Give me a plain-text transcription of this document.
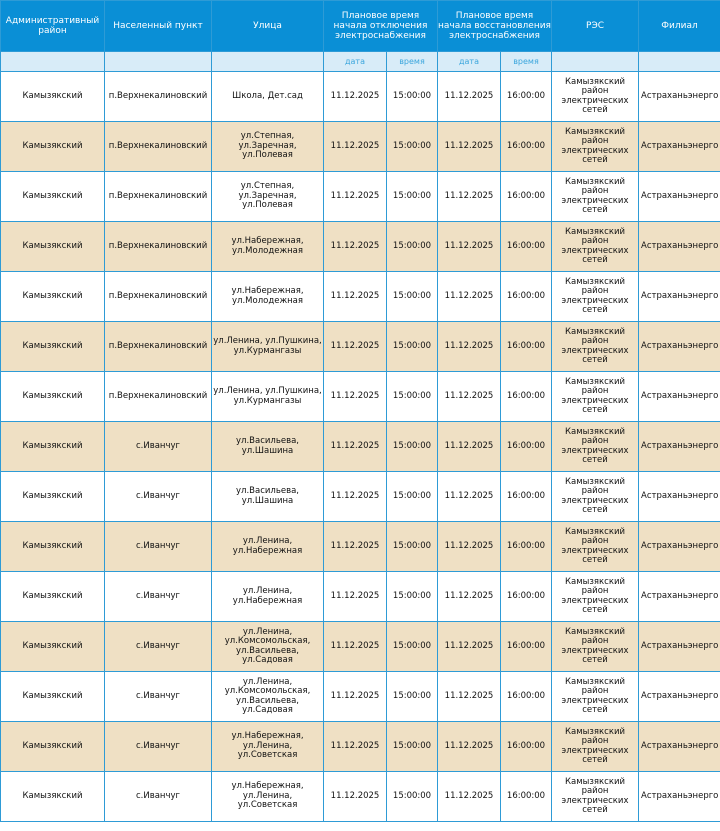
Административный район	Населенный пункт	Улица	Плановое время начала отключения электроснабжения		Плановое время начала восстановления электроснабжения		РЭС	Филиал
			дата	время	дата	время		
Камызякский	п.Верхнекалиновский	Школа, Дет.сад	11.12.2025	15:00:00	11.12.2025	16:00:00	Камызякский район электрических сетей	Астраханьэнерго
Камызякский	п.Верхнекалиновский	ул.Степная, ул.Заречная, ул.Полевая	11.12.2025	15:00:00	11.12.2025	16:00:00	Камызякский район электрических сетей	Астраханьэнерго
Камызякский	п.Верхнекалиновский	ул.Степная, ул.Заречная, ул.Полевая	11.12.2025	15:00:00	11.12.2025	16:00:00	Камызякский район электрических сетей	Астраханьэнерго
Камызякский	п.Верхнекалиновский	ул.Набережная, ул.Молодежная	11.12.2025	15:00:00	11.12.2025	16:00:00	Камызякский район электрических сетей	Астраханьэнерго
Камызякский	п.Верхнекалиновский	ул.Набережная, ул.Молодежная	11.12.2025	15:00:00	11.12.2025	16:00:00	Камызякский район электрических сетей	Астраханьэнерго
Камызякский	п.Верхнекалиновский	ул.Ленина, ул.Пушкина, ул.Курмангазы	11.12.2025	15:00:00	11.12.2025	16:00:00	Камызякский район электрических сетей	Астраханьэнерго
Камызякский	п.Верхнекалиновский	ул.Ленина, ул.Пушкина, ул.Курмангазы	11.12.2025	15:00:00	11.12.2025	16:00:00	Камызякский район электрических сетей	Астраханьэнерго
Камызякский	с.Иванчуг	ул.Васильева, ул.Шашина	11.12.2025	15:00:00	11.12.2025	16:00:00	Камызякский район электрических сетей	Астраханьэнерго
Камызякский	с.Иванчуг	ул.Васильева, ул.Шашина	11.12.2025	15:00:00	11.12.2025	16:00:00	Камызякский район электрических сетей	Астраханьэнерго
Камызякский	с.Иванчуг	ул.Ленина, ул.Набережная	11.12.2025	15:00:00	11.12.2025	16:00:00	Камызякский район электрических сетей	Астраханьэнерго
Камызякский	с.Иванчуг	ул.Ленина, ул.Набережная	11.12.2025	15:00:00	11.12.2025	16:00:00	Камызякский район электрических сетей	Астраханьэнерго
Камызякский	с.Иванчуг	ул.Ленина, ул.Комсомольская, ул.Васильева, ул.Садовая	11.12.2025	15:00:00	11.12.2025	16:00:00	Камызякский район электрических сетей	Астраханьэнерго
Камызякский	с.Иванчуг	ул.Ленина, ул.Комсомольская, ул.Васильева, ул.Садовая	11.12.2025	15:00:00	11.12.2025	16:00:00	Камызякский район электрических сетей	Астраханьэнерго
Камызякский	с.Иванчуг	ул.Набережная, ул.Ленина, ул.Советская	11.12.2025	15:00:00	11.12.2025	16:00:00	Камызякский район электрических сетей	Астраханьэнерго
Камызякский	с.Иванчуг	ул.Набережная, ул.Ленина, ул.Советская	11.12.2025	15:00:00	11.12.2025	16:00:00	Камызякский район электрических сетей	Астраханьэнерго
